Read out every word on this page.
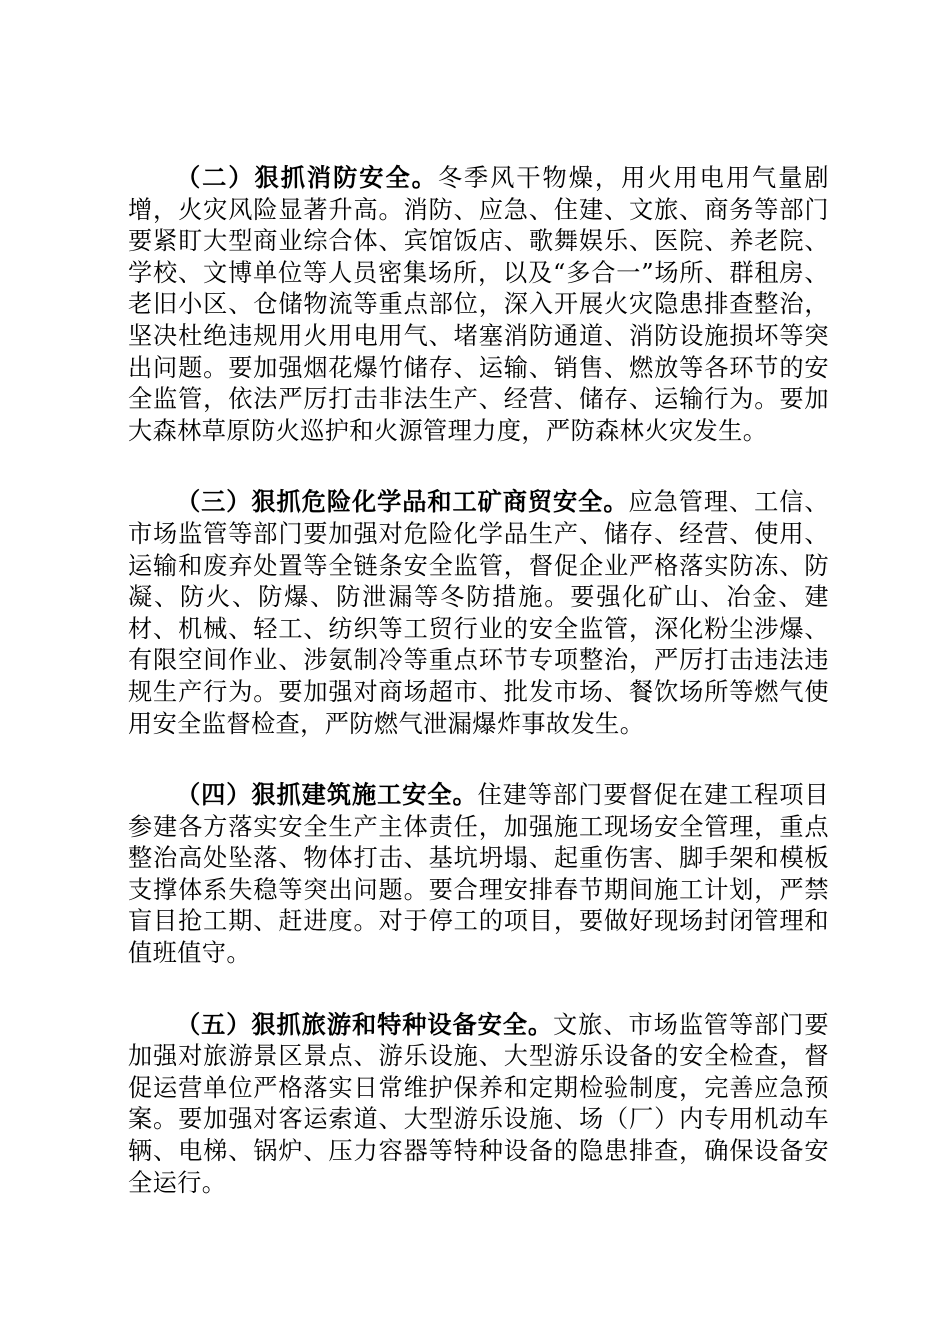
（二）狠抓消防安全。冬季风干物燥，用火用电用气量剧增，火灾风险显著升高。消防、应急、住建、文旅、商务等部门要紧盯大型商业综合体、宾馆饭店、歌舞娱乐、医院、养老院、学校、文博单位等人员密集场所，以及“多合一”场所、群租房、老旧小区、仓储物流等重点部位，深入开展火灾隐患排查整治，坚决杜绝违规用火用电用气、堵塞消防通道、消防设施损坏等突出问题。要加强烟花爆竹储存、运输、销售、燃放等各环节的安全监管，依法严厉打击非法生产、经营、储存、运输行为。要加大森林草原防火巡护和火源管理力度，严防森林火灾发生。

（三）狠抓危险化学品和工矿商贸安全。应急管理、工信、市场监管等部门要加强对危险化学品生产、储存、经营、使用、运输和废弃处置等全链条安全监管，督促企业严格落实防冻、防凝、防火、防爆、防泄漏等冬防措施。要强化矿山、冶金、建材、机械、轻工、纺织等工贸行业的安全监管，深化粉尘涉爆、有限空间作业、涉氨制冷等重点环节专项整治，严厉打击违法违规生产行为。要加强对商场超市、批发市场、餐饮场所等燃气使用安全监督检查，严防燃气泄漏爆炸事故发生。

（四）狠抓建筑施工安全。住建等部门要督促在建工程项目参建各方落实安全生产主体责任，加强施工现场安全管理，重点整治高处坠落、物体打击、基坑坍塌、起重伤害、脚手架和模板支撑体系失稳等突出问题。要合理安排春节期间施工计划，严禁盲目抢工期、赶进度。对于停工的项目，要做好现场封闭管理和值班值守。

（五）狠抓旅游和特种设备安全。文旅、市场监管等部门要加强对旅游景区景点、游乐设施、大型游乐设备的安全检查，督促运营单位严格落实日常维护保养和定期检验制度，完善应急预案。要加强对客运索道、大型游乐设施、场（厂）内专用机动车辆、电梯、锅炉、压力容器等特种设备的隐患排查，确保设备安全运行。
